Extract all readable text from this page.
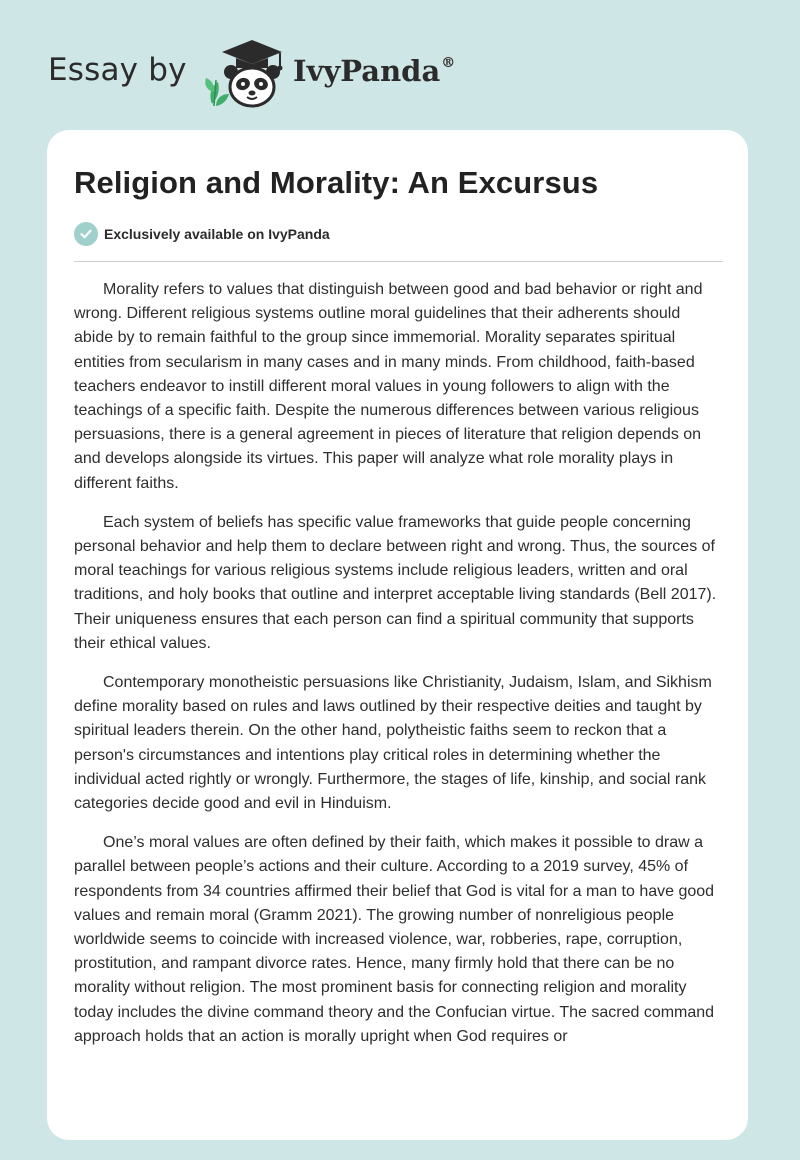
Essay by	IvyPanda®
Religion and Morality: An Excursus
Exclusively available on IvyPanda

Morality refers to values that distinguish between good and bad behavior or right and wrong. Different religious systems outline moral guidelines that their adherents should abide by to remain faithful to the group since immemorial. Morality separates spiritual entities from secularism in many cases and in many minds. From childhood, faith-based teachers endeavor to instill different moral values in young followers to align with the teachings of a specific faith. Despite the numerous differences between various religious persuasions, there is a general agreement in pieces of literature that religion depends on and develops alongside its virtues. This paper will analyze what role morality plays in different faiths.

Each system of beliefs has specific value frameworks that guide people concerning personal behavior and help them to declare between right and wrong. Thus, the sources of moral teachings for various religious systems include religious leaders, written and oral traditions, and holy books that outline and interpret acceptable living standards (Bell 2017). Their uniqueness ensures that each person can find a spiritual community that supports their ethical values.

Contemporary monotheistic persuasions like Christianity, Judaism, Islam, and Sikhism define morality based on rules and laws outlined by their respective deities and taught by spiritual leaders therein. On the other hand, polytheistic faiths seem to reckon that a person's circumstances and intentions play critical roles in determining whether the individual acted rightly or wrongly. Furthermore, the stages of life, kinship, and social rank categories decide good and evil in Hinduism.

One’s moral values are often defined by their faith, which makes it possible to draw a parallel between people’s actions and their culture. According to a 2019 survey, 45% of respondents from 34 countries affirmed their belief that God is vital for a man to have good values and remain moral (Gramm 2021). The growing number of nonreligious people worldwide seems to coincide with increased violence, war, robberies, rape, corruption, prostitution, and rampant divorce rates. Hence, many firmly hold that there can be no morality without religion. The most prominent basis for connecting religion and morality today includes the divine command theory and the Confucian virtue. The sacred command approach holds that an action is morally upright when God requires or
